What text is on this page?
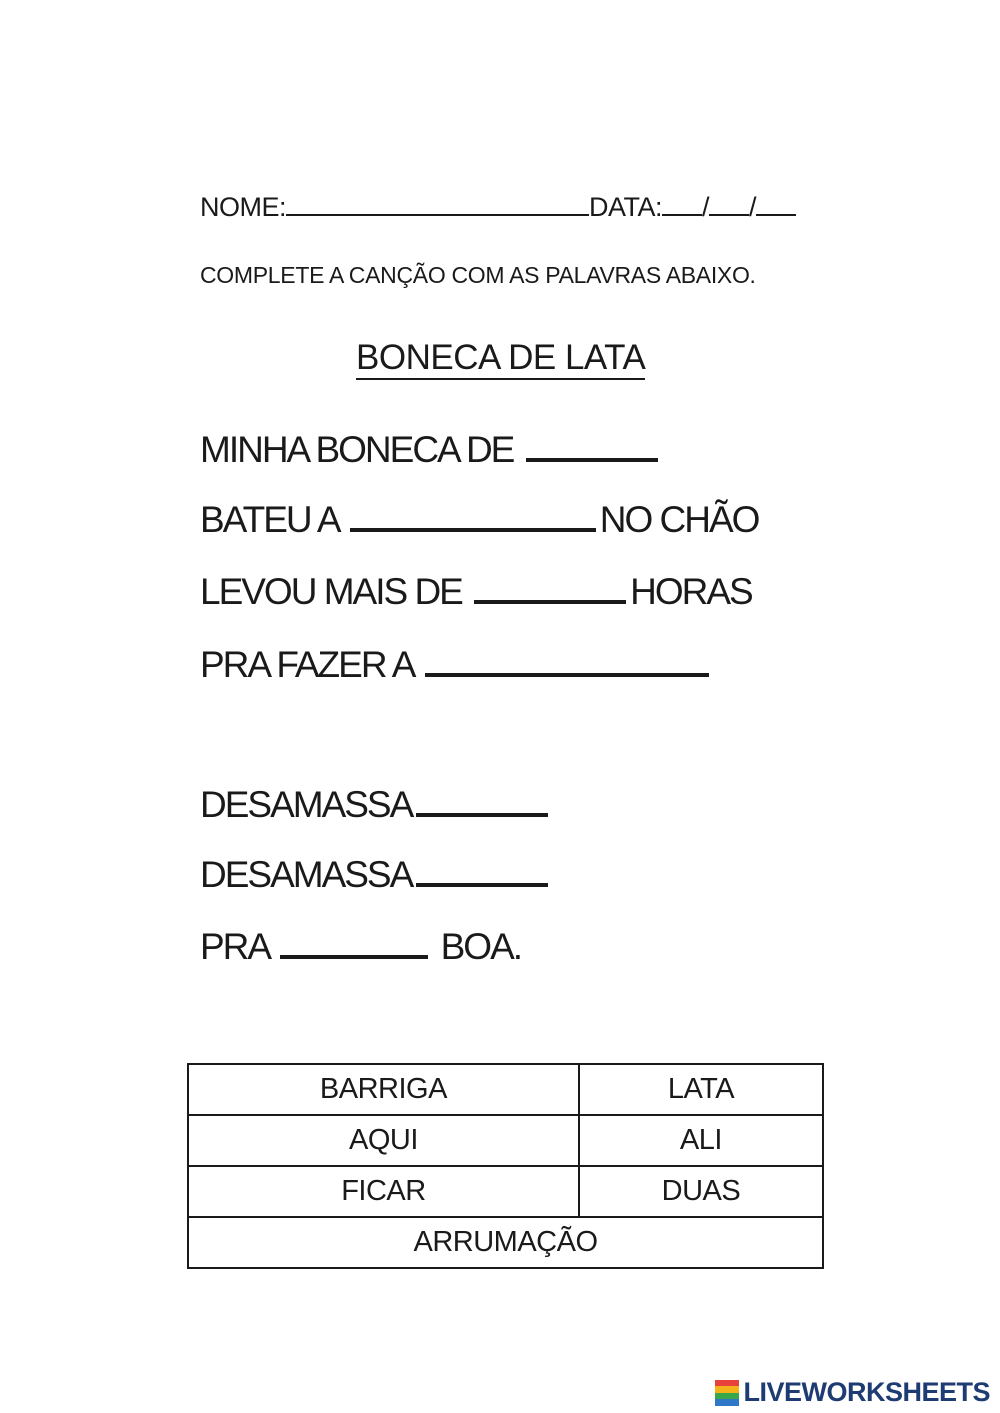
NOME:	DATA: / /
COMPLETE A CANÇÃO COM AS PALAVRAS ABAIXO.
BONECA DE LATA
MINHA BONECA DE
BATEU A	NO CHÃO
LEVOU MAIS DE	HORAS
PRA FAZER A
DESAMASSA
DESAMASSA
PRA	BOA.
BARRIGA	LATA
AQUI	ALI
FICAR	DUAS
ARRUMAÇÃO	
LIVEWORKSHEETS
